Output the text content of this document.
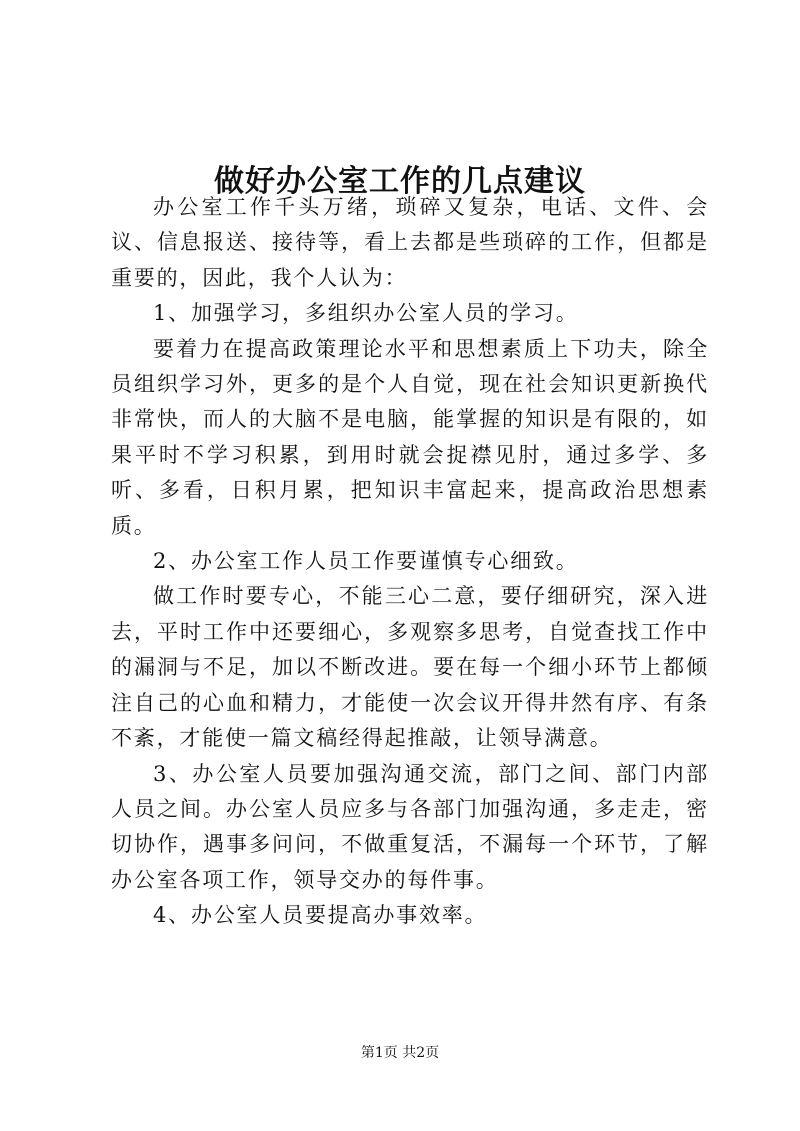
做好办公室工作的几点建议

办公室工作千头万绪，琐碎又复杂，电话、文件、会议、信息报送、接待等，看上去都是些琐碎的工作，但都是重要的，因此，我个人认为：

1、加强学习，多组织办公室人员的学习。

要着力在提高政策理论水平和思想素质上下功夫，除全员组织学习外，更多的是个人自觉，现在社会知识更新换代非常快，而人的大脑不是电脑，能掌握的知识是有限的，如果平时不学习积累，到用时就会捉襟见肘，通过多学、多听、多看，日积月累，把知识丰富起来，提高政治思想素质。

2、办公室工作人员工作要谨慎专心细致。

做工作时要专心，不能三心二意，要仔细研究，深入进去，平时工作中还要细心，多观察多思考，自觉查找工作中的漏洞与不足，加以不断改进。要在每一个细小环节上都倾注自己的心血和精力，才能使一次会议开得井然有序、有条不紊，才能使一篇文稿经得起推敲，让领导满意。

3、办公室人员要加强沟通交流，部门之间、部门内部人员之间。办公室人员应多与各部门加强沟通，多走走，密切协作，遇事多问问，不做重复活，不漏每一个环节，了解办公室各项工作，领导交办的每件事。

4、办公室人员要提高办事效率。

第1页 共2页
